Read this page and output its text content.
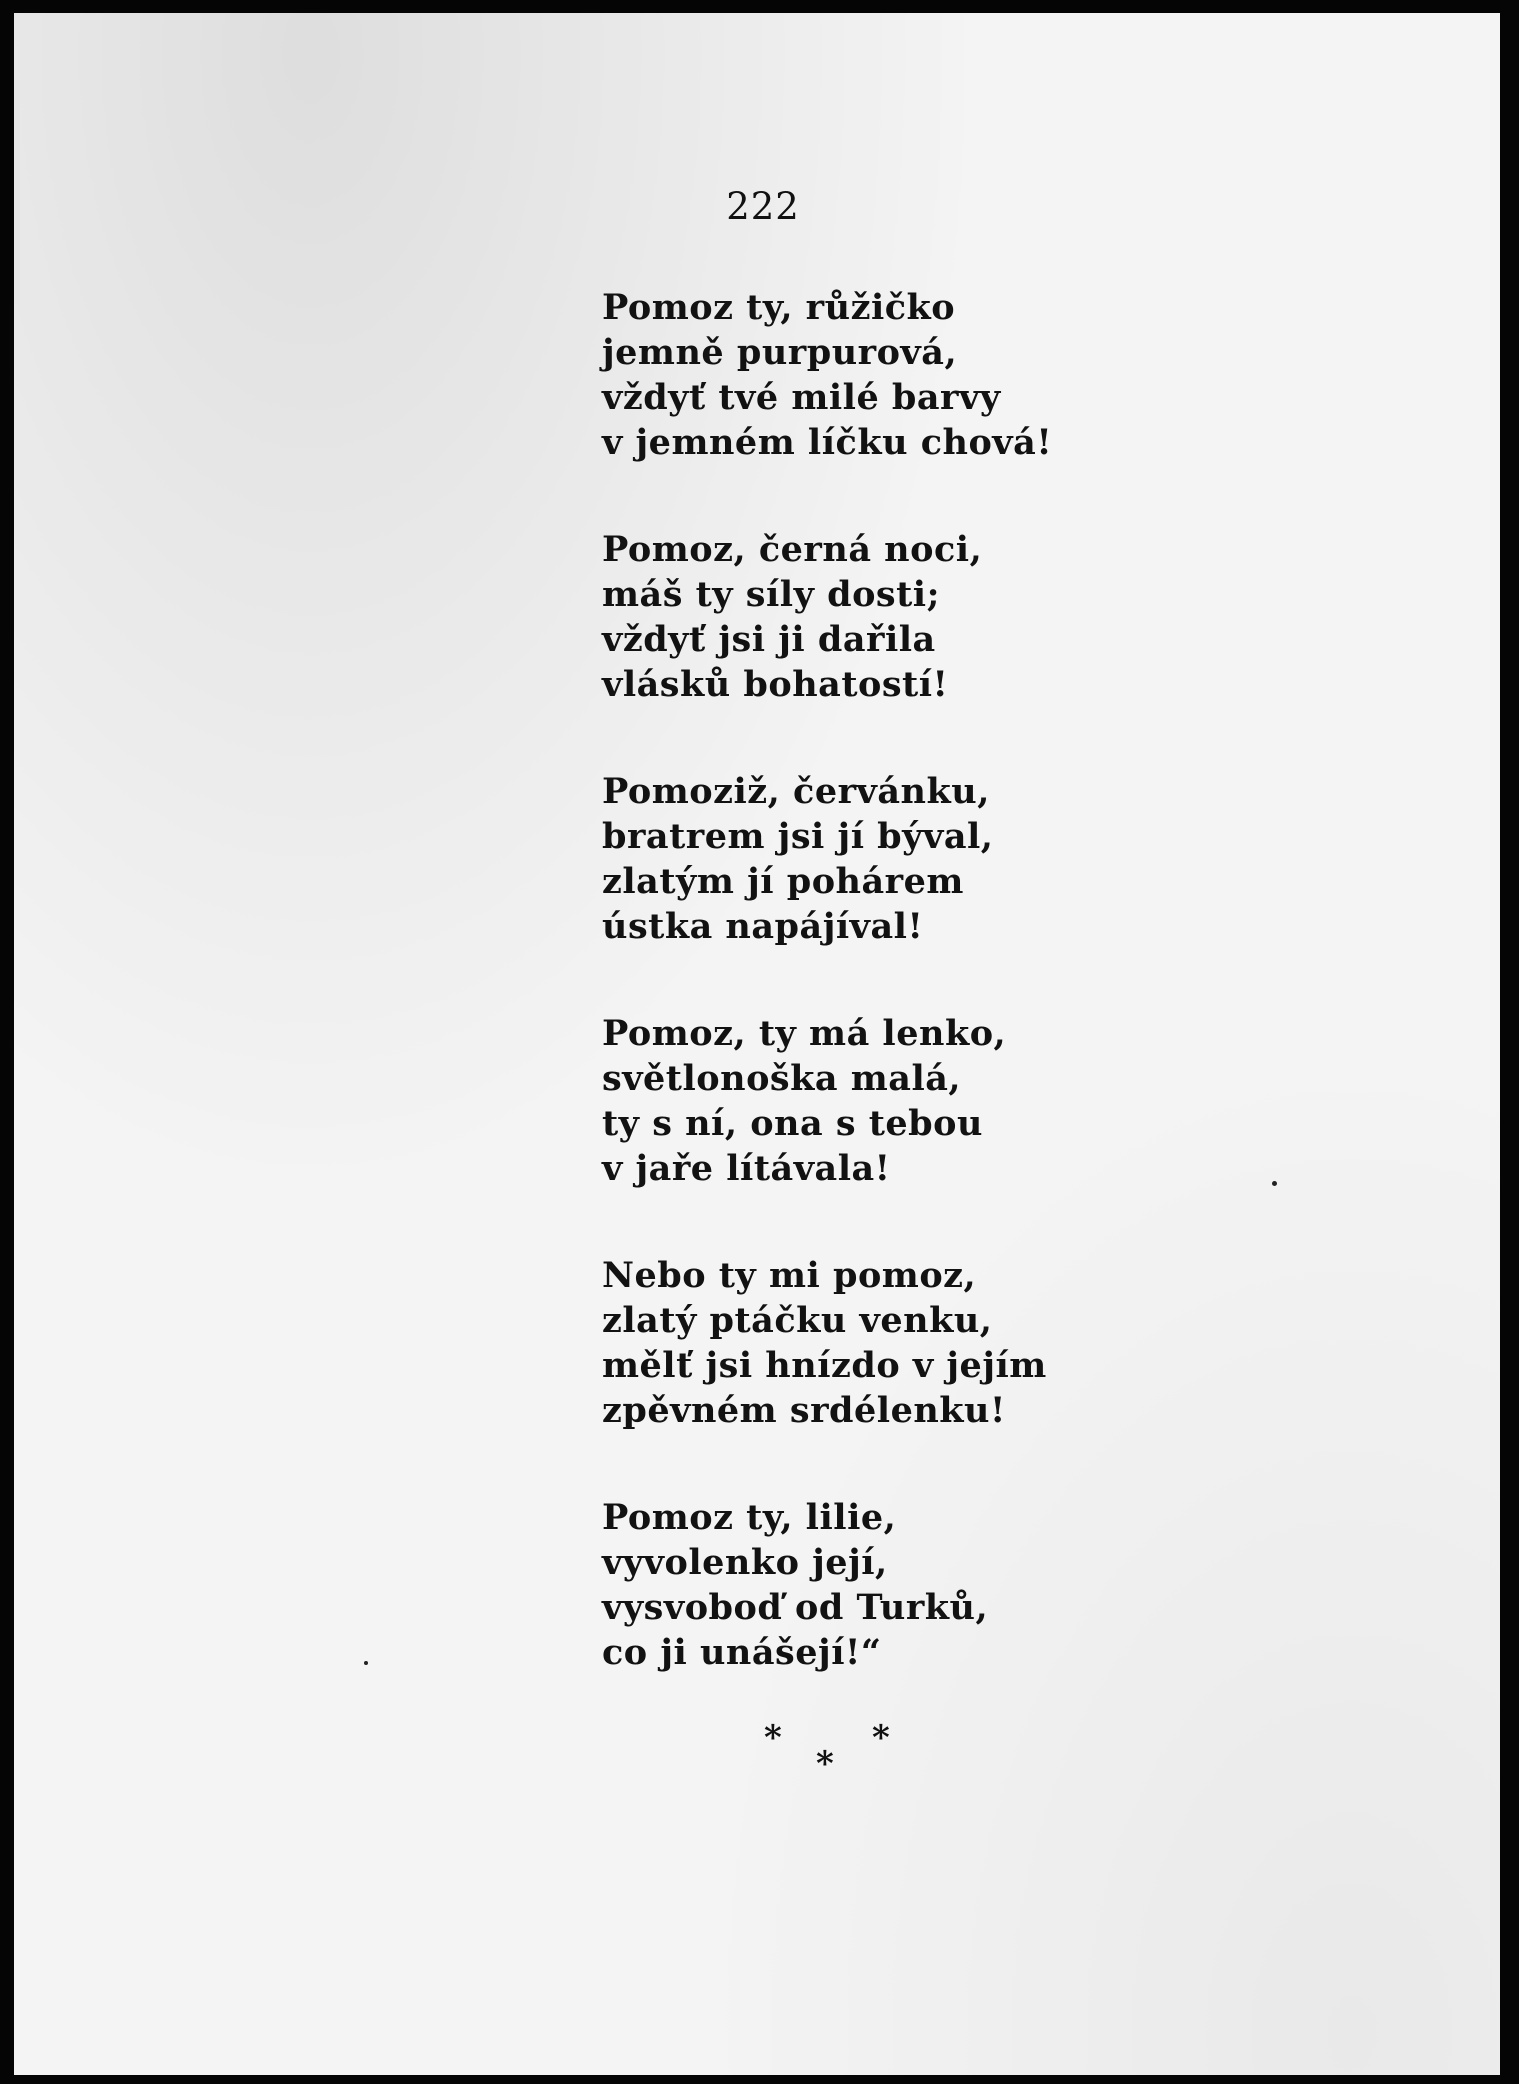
222
Pomoz ty, růžičko
jemně purpurová,
vždyť tvé milé barvy
v jemném líčku chová!
Pomoz, černá noci,
máš ty síly dosti;
vždyť jsi ji dařila
vlásků bohatostí!
Pomoziž, červánku,
bratrem jsi jí býval,
zlatým jí pohárem
ústka napájíval!
Pomoz, ty má lenko,
světlonoška malá,
ty s ní, ona s tebou
v jaře lítávala!
Nebo ty mi pomoz,
zlatý ptáčku venku,
mělť jsi hnízdo v jejím
zpěvném srdélenku!
Pomoz ty, lilie,
vyvolenko její,
vysvoboď od Turků,
co ji unášejí!“
*
*
*
